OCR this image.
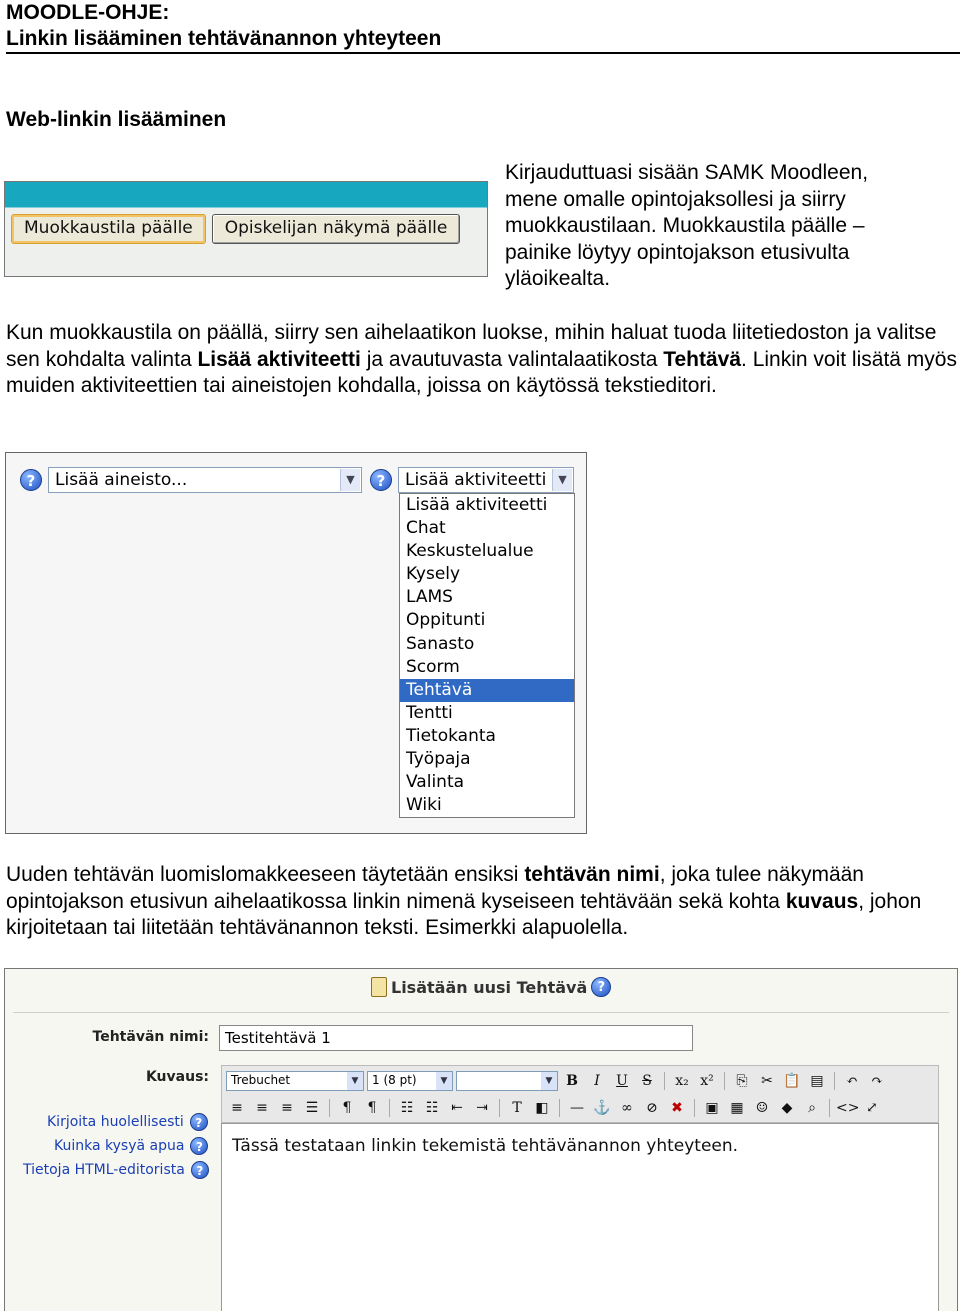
MOODLE-OHJE:
Linkin lisääminen tehtävänannon yhteyteen
Web-linkin lisääminen
Muokkaustila päälle	Opiskelijan näkymä päälle
Kirjauduttuasi sisään SAMK Moodleen, mene omalle opintojaksollesi ja siirry muokkaustilaan. Muokkaustila päälle – painike löytyy opintojakson etusivulta yläoikealta.
Kun muokkaustila on päällä, siirry sen aihelaatikon luokse, mihin haluat tuoda liitetiedoston ja valitse sen kohdalta valinta Lisää aktiviteetti ja avautuvasta valintalaatikosta Tehtävä. Linkin voit lisätä myös muiden aktiviteettien tai aineistojen kohdalla, joissa on käytössä tekstieditori.
?	Lisää aineisto...	▼	?	Lisää aktiviteetti	▼
Lisää aktiviteetti
Chat
Keskustelualue
Kysely
LAMS
Oppitunti
Sanasto
Scorm
Tehtävä
Tentti
Tietokanta
Työpaja
Valinta
Wiki
Uuden tehtävän luomislomakkeeseen täytetään ensiksi tehtävän nimi, joka tulee näkymään opintojakson etusivun aihelaatikossa linkin nimenä kyseiseen tehtävään sekä kohta kuvaus, johon kirjoitetaan tai liitetään tehtävänannon teksti. Esimerkki alapuolella.
Lisätään uusi Tehtävä ?
Tehtävän nimi:	Testitehtävä 1
Kuvaus:
Kirjoita huolellisesti ?
Kuinka kysyä apua ?
Tietoja HTML-editorista ?
Trebuchet	▼	1 (8 pt)	▼	▼ B	I	U	S	x₂ x²	⎘ ✂ 📋 ▤	↶ ↷
≡ ≡ ≡ ☰	¶	¶	☷ ☷ ⇤ ⇥	T ◧	— ⚓ ∞ ⊘ ✖	▣ ▦ ☺ ◆	⌕	<> ⤢
Tässä testataan linkin tekemistä tehtävänannon yhteyteen.
